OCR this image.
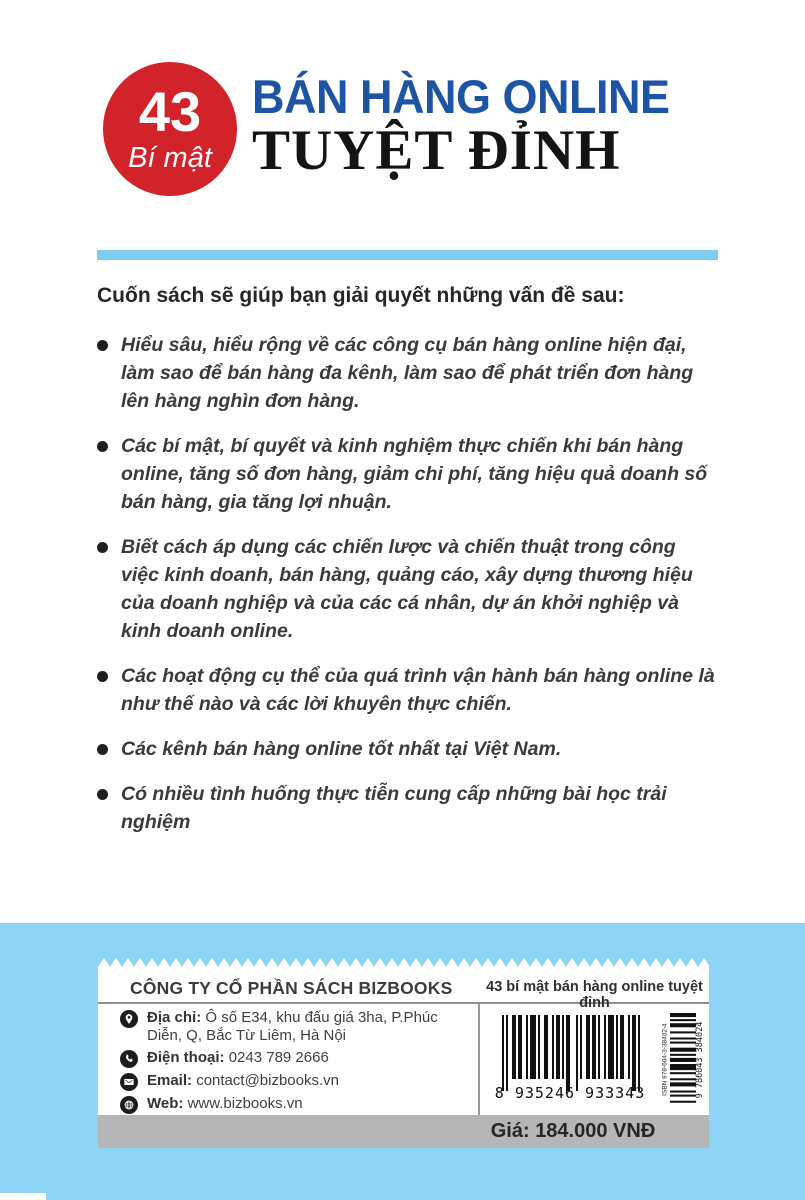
43
Bí mật
BÁN HÀNG ONLINE
TUYỆT ĐỈNH
Cuốn sách sẽ giúp bạn giải quyết những vấn đề sau:
Hiểu sâu, hiểu rộng về các công cụ bán hàng online hiện đại, làm sao để bán hàng đa kênh, làm sao để phát triển đơn hàng lên hàng nghìn đơn hàng.
Các bí mật, bí quyết và kinh nghiệm thực chiến khi bán hàng online, tăng số đơn hàng, giảm chi phí, tăng hiệu quả doanh số bán hàng, gia tăng lợi nhuận.
Biết cách áp dụng các chiến lược và chiến thuật trong công việc kinh doanh, bán hàng, quảng cáo, xây dựng thương hiệu của doanh nghiệp và của các cá nhân, dự án khởi nghiệp và kinh doanh online.
Các hoạt động cụ thể của quá trình vận hành bán hàng online là như thế nào và các lời khuyên thực chiến.
Các kênh bán hàng online tốt nhất tại Việt Nam.
Có nhiều tình huống thực tiễn cung cấp những bài học trải nghiệm
CÔNG TY CỔ PHẦN SÁCH BIZBOOKS
Địa chỉ: Ô số E34, khu đấu giá 3ha, P.Phúc Diễn, Q, Bắc Từ Liêm, Hà Nội
Điện thoại: 0243 789 2666
Email: contact@bizbooks.vn
Web: www.bizbooks.vn
43 bí mật bán hàng online tuyệt đỉnh
8 935246 933343	ISBN 978-604-3-38402-4	9 786043 384024
Giá: 184.000 VNĐ
